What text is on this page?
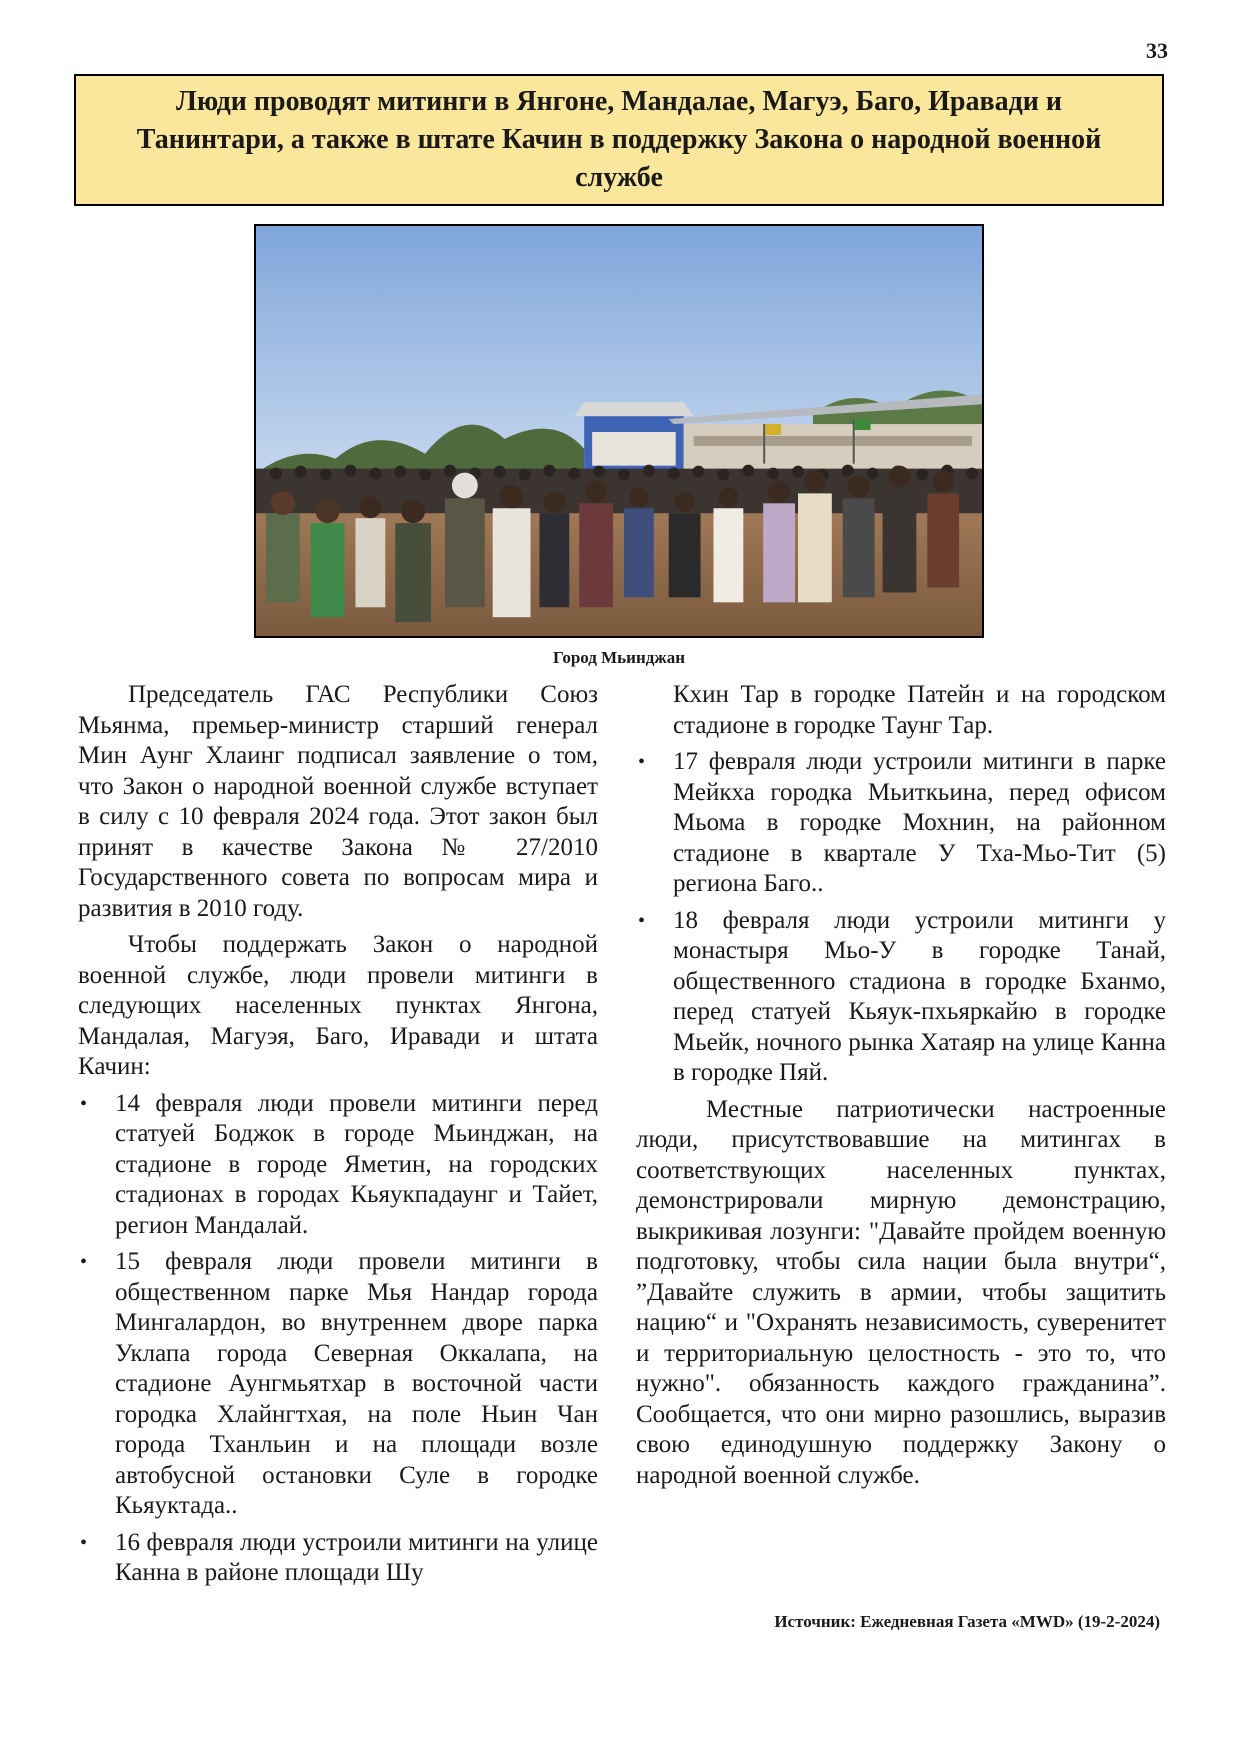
33
Люди проводят митинги в Янгоне, Мандалае, Магуэ, Баго, Иравади и Танинтари, а также в штате Качин в поддержку Закона о народной военной службе
Город Мьинджан

Председатель ГАС Республики Союз Мьянма, премьер-министр старший генерал Мин Аунг Хлаинг подписал заявление о том, что Закон о народной военной службе вступает в силу с 10 февраля 2024 года. Этот закон был принят в качестве Закона № 27/2010 Государственного совета по вопросам мира и развития в 2010 году.

Чтобы поддержать Закон о народной военной службе, люди провели митинги в следующих населенных пунктах Янгона, Мандалая, Магуэя, Баго, Иравади и штата Качин:

• 14 февраля люди провели митинги перед статуей Боджок в городе Мьинджан, на стадионе в городе Яметин, на городских стадионах в городах Кьяукпадаунг и Тайет, регион Мандалай.
• 15 февраля люди провели митинги в общественном парке Мья Нандар города Мингалардон, во внутреннем дворе парка Уклапа города Северная Оккалапа, на стадионе Аунгмьятхар в восточной части городка Хлайнгтхая, на поле Ньин Чан города Тханльин и на площади возле автобусной остановки Суле в городке Кьяуктада..
• 16 февраля люди устроили митинги на улице Канна в районе площади Шу

Кхин Тар в городке Патейн и на городском стадионе в городке Таунг Тар.

• 17 февраля люди устроили митинги в парке Мейкха городка Мьиткьина, перед офисом Мьома в городке Мохнин, на районном стадионе в квартале У Тха-Мьо-Тит (5) региона Баго..
• 18 февраля люди устроили митинги у монастыря Мьо-У в городке Танай, общественного стадиона в городке Бханмо, перед статуей Кьяук-пхьяркайю в городке Мьейк, ночного рынка Хатаяр на улице Канна в городке Пяй.

Местные патриотически настроенные люди, присутствовавшие на митингах в соответствующих населенных пунктах, демонстрировали мирную демонстрацию, выкрикивая лозунги: "Давайте пройдем военную подготовку, чтобы сила нации была внутри“, ”Давайте служить в армии, чтобы защитить нацию“ и "Охранять независимость, суверенитет и территориальную целостность - это то, что нужно". обязанность каждого гражданина”. Сообщается, что они мирно разошлись, выразив свою единодушную поддержку Закону о народной военной службе.

Источник: Ежедневная Газета «MWD» (19-2-2024)
